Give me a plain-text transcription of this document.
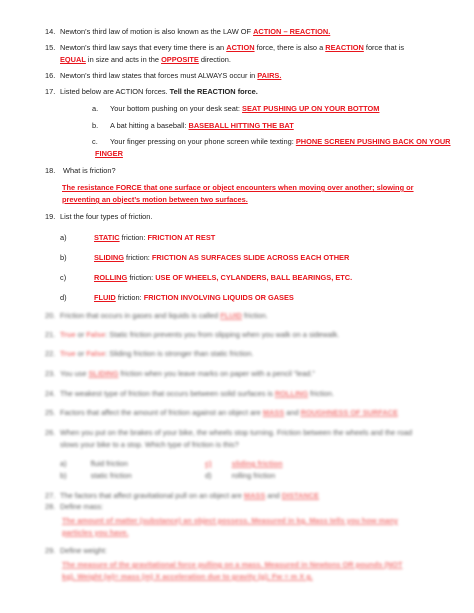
14. Newton’s third law of motion is also known as the LAW OF ACTION – REACTION.
15. Newton’s third law says that every time there is an ACTION force, there is also a REACTION force that is
EQUAL in size and acts in the OPPOSITE direction.
16. Newton’s third law states that forces must ALWAYS occur in PAIRS.
17. Listed below are ACTION forces. Tell the REACTION force.
a. Your bottom pushing on your desk seat: SEAT PUSHING UP ON YOUR BOTTOM
b. A bat hitting a baseball: BASEBALL HITTING THE BAT
c. Your finger pressing on your phone screen while texting: PHONE SCREEN PUSHING BACK ON YOUR
FINGER
18. What is friction?
The resistance FORCE that one surface or object encounters when moving over another; slowing or
preventing an object’s motion between two surfaces.
19. List the four types of friction.
a)	STATIC friction: FRICTION AT REST
b)	SLIDING friction: FRICTION AS SURFACES SLIDE ACROSS EACH OTHER
c)	ROLLING friction: USE OF WHEELS, CYLANDERS, BALL BEARINGS, ETC.
d)	FLUID friction: FRICTION INVOLVING LIQUIDS OR GASES
20. Friction that occurs in gases and liquids is called FLUID friction.
21. True or False: Static friction prevents you from slipping when you walk on a sidewalk.
22. True or False: Sliding friction is stronger than static friction.
23. You use SLIDING friction when you leave marks on paper with a pencil “lead.”
24. The weakest type of friction that occurs between solid surfaces is ROLLING friction.
25. Factors that affect the amount of friction against an object are MASS and ROUGHNESS OF SURFACE
26. When you put on the brakes of your bike, the wheels stop turning. Friction between the wheels and the road
slows your bike to a stop. Which type of friction is this?
a)	fluid friction
b)	static friction
c)	sliding friction
d)	rolling friction
27. The factors that affect gravitational pull on an object are MASS and DISTANCE
28. Define mass:
The amount of matter (substance) an object possess. Measured in kg. Mass tells you how many
particles you have.
29. Define weight:
The measure of the gravitational force pulling on a mass. Measured in Newtons OR pounds (NOT
kg). Weight (w)= mass (m) X acceleration due to gravity (g); Fw = m X g.
